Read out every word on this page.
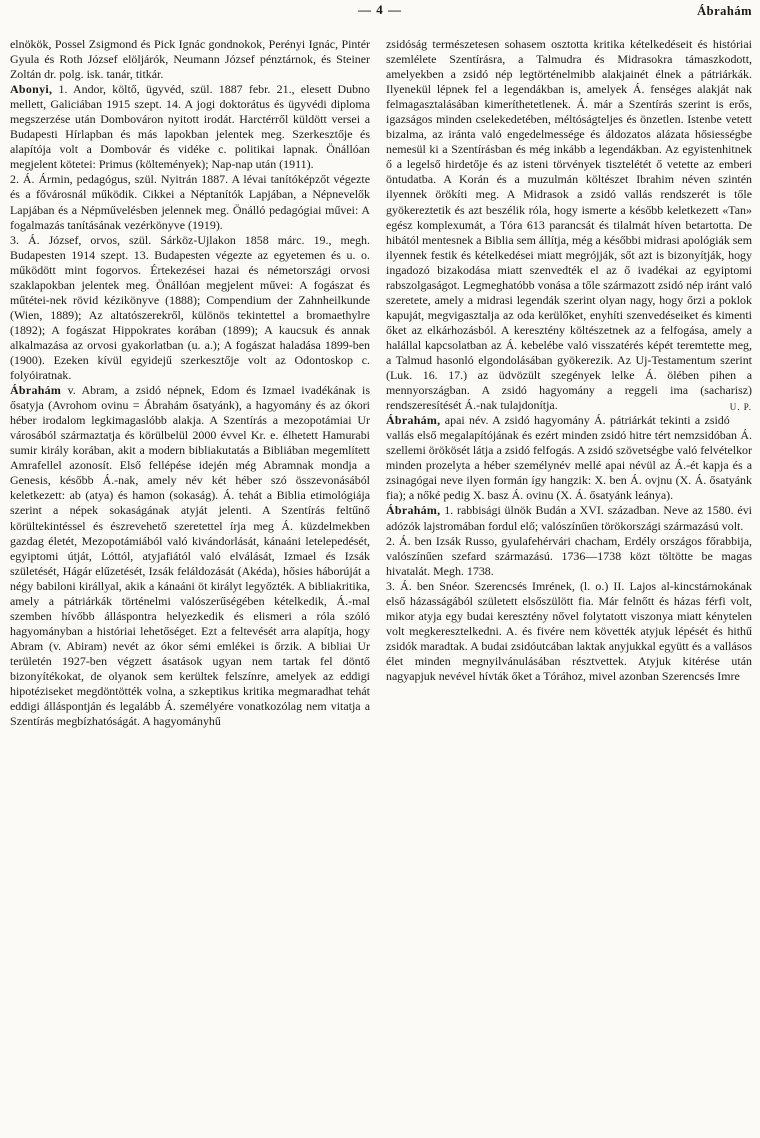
— 4 —	Ábrahám

elnökök, Possel Zsigmond és Pick Ignác gondnokok, Perényi Ignác, Pintér Gyula és Roth József elöljárók, Neumann József pénztárnok, és Steiner Zoltán dr. polg. isk. tanár, titkár.

Abonyi, 1. Andor, költő, ügyvéd, szül. 1887 febr. 21., elesett Dubno mellett, Galiciában 1915 szept. 14. A jogi doktorátus és ügyvédi diploma megszerzése után Dombováron nyitott irodát. Harctérről küldött versei a Budapesti Hírlapban és más lapokban jelentek meg. Szerkesztője és alapítója volt a Dombovár és vidéke c. politikai lapnak. Önállóan megjelent kötetei: Primus (költemények); Nap-nap után (1911).

2. Á. Ármin, pedagógus, szül. Nyitrán 1887. A lévai tanítóképzőt végezte és a fővárosnál működik. Cikkei a Néptanítók Lapjában, a Népnevelők Lapjában és a Népművelésben jelennek meg. Önálló pedagógiai művei: A fogalmazás tanításának vezérkönyve (1919).

3. Á. József, orvos, szül. Sárköz-Ujlakon 1858 márc. 19., megh. Budapesten 1914 szept. 13. Budapesten végezte az egyetemen és u. o. működött mint fogorvos. Értekezései hazai és németországi orvosi szaklapokban jelentek meg. Önállóan megjelent művei: A fogászat és műtétei-nek rövid kézikönyve (1888); Compendium der Zahnheilkunde (Wien, 1889); Az altatószerekről, különös tekintettel a bromaethylre (1892); A fogászat Hippokrates korában (1899); A kaucsuk és annak alkalmazása az orvosi gyakorlatban (u. a.); A fogászat haladása 1899-ben (1900). Ezeken kívül egyidejű szerkesztője volt az Odontoskop c. folyóiratnak.

Ábrahám v. Abram, a zsidó népnek, Edom és Izmael ivadékának is ősatyja (Avrohom ovinu = Ábrahám ősatyánk), a hagyomány és az ókori héber irodalom legkimagaslóbb alakja. A Szentírás a mezopotámiai Ur városából származtatja és körülbelül 2000 évvel Kr. e. élhetett Hamurabi sumir király korában, akit a modern bibliakutatás a Bibliában megemlített Amrafellel azonosít. Első fellépése idején még Abramnak mondja a Genesis, később Á.-nak, amely név két héber szó összevonásából keletkezett: ab (atya) és hamon (sokaság). Á. tehát a Biblia etimológiája szerint a népek sokaságának atyját jelenti. A Szentírás feltűnő körültekintéssel és észrevehető szeretettel írja meg Á. küzdelmekben gazdag életét, Mezopotámiából való kivándorlását, kánaáni letelepedését, egyiptomi útját, Lóttól, atyjafiától való elválását, Izmael és Izsák születését, Hágár elűzetését, Izsák feláldozását (Akéda), hősies háborúját a négy babiloni királlyal, akik a kánaáni öt királyt legyőzték. A bibliakritika, amely a pátriárkák történelmi valószerűségében kételkedik, Á.-mal szemben hívőbb álláspontra helyezkedik és elismeri a róla szóló hagyományban a históriai lehetőséget. Ezt a feltevését arra alapítja, hogy Abram (v. Abiram) nevét az ókor sémi emlékei is őrzik. A bibliai Ur területén 1927-ben végzett ásatások ugyan nem tartak fel döntő bizonyítékokat, de olyanok sem kerültek felszínre, amelyek az eddigi hipotéziseket megdöntötték volna, a szkeptikus kritika megmaradhat tehát eddigi álláspontján és legalább Á. személyére vonatkozólag nem vitatja a Szentírás megbízhatóságát. A hagyományhű

zsidóság természetesen sohasem osztotta kritika kételkedéseit és históriai szemlélete Szentírásra, a Talmudra és Midrasokra támaszkodott, amelyekben a zsidó nép legtörténelmibb alakjainét élnek a pátriárkák. Ilyenekül lépnek fel a legendákban is, amelyek Á. fenséges alakját nak felmagasztalásában kimeríthetetlenek. Á. már a Szentírás szerint is erős, igazságos minden cselekedetében, méltóságteljes és önzetlen. Istenbe vetett bizalma, az iránta való engedelmessége és áldozatos alázata hősiességbe nemesül ki a Szentírásban és még inkább a legendákban. Az egyistenhitnek ő a legelső hirdetője és az isteni törvények tisztelétét ő vetette az emberi öntudatba. A Korán és a muzulmán költészet Ibrahim néven szintén ilyennek örökíti meg. A Midrasok a zsidó vallás rendszerét is tőle gyökereztetik és azt beszélik róla, hogy ismerte a később keletkezett «Tan» egész komplexumát, a Tóra 613 parancsát és tilalmát híven betartotta. De hibától mentesnek a Biblia sem állítja, még a későbbi midrasi apológiák sem ilyennek festik és kételkedései miatt megrójják, sőt azt is bizonyítják, hogy ingadozó bizakodása miatt szenvedték el az ő ivadékai az egyiptomi rabszolgaságot. Legmeghatóbb vonása a tőle származott zsidó nép iránt való szeretete, amely a midrasi legendák szerint olyan nagy, hogy őrzi a poklok kapuját, megvigasztalja az oda kerülőket, enyhíti szenvedéseiket és kimenti őket az elkárhozásból. A keresztény költészetnek az a felfogása, amely a halállal kapcsolatban az Á. kebelébe való visszatérés képét teremtette meg, a Talmud hasonló elgondolásában gyökerezik. Az Uj-Testamentum szerint (Luk. 16. 17.) az üdvözült szegények lelke Á. ölében pihen a mennyországban. A zsidó hagyomány a reggeli ima (sacharisz) rendszeresítését Á.-nak tulajdonítja.	U. P.

Ábrahám, apai név. A zsidó hagyomány Á. pátriárkát tekinti a zsidó vallás első megalapítójának és ezért minden zsidó hitre tért nemzsidóban Á. szellemi örökösét látja a zsidó felfogás. A zsidó szövetségbe való felvételkor minden prozelyta a héber személynév mellé apai névül az Á.-ét kapja és a zsinagógai neve ilyen formán így hangzik: X. ben Á. ovjnu (X. Á. ősatyánk fia); a nőké pedig X. basz Á. ovinu (X. Á. ősatyánk leánya).

Ábrahám, 1. rabbisági ülnök Budán a XVI. században. Neve az 1580. évi adózók lajstromában fordul elő; valószínűen törökországi származású volt.

2. Á. ben Izsák Russo, gyulafehérvári chacham, Erdély országos főrabbija, valószínűen szefard származású. 1736—1738 közt töltötte be magas hivatalát. Megh. 1738.

3. Á. ben Snéor. Szerencsés Imrének, (l. o.) II. Lajos al-kincstárnokának első házasságából született elsőszülött fia. Már felnőtt és házas férfi volt, mikor atyja egy budai keresztény nővel folytatott viszonya miatt kénytelen volt megkeresztelkedni. A. és fivére nem követték atyjuk lépését és hithű zsidók maradtak. A budai zsidóutcában laktak anyjukkal együtt és a vallásos élet minden megnyilvánulásában résztvettek. Atyjuk kitérése után nagyapjuk nevével hívták őket a Tórához, mivel azonban Szerencsés Imre
